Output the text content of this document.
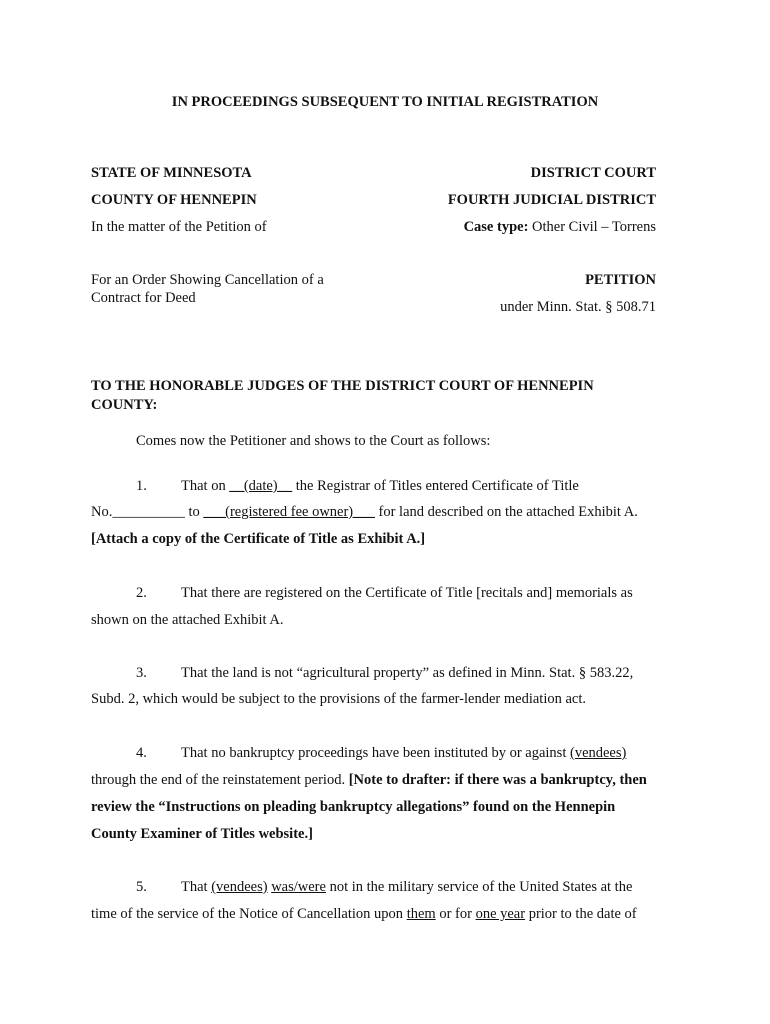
IN PROCEEDINGS SUBSEQUENT TO INITIAL REGISTRATION
STATE OF MINNESOTA
COUNTY OF HENNEPIN
In the matter of the Petition of
For an Order Showing Cancellation of a
Contract for Deed
DISTRICT COURT
FOURTH JUDICIAL DISTRICT
Case type: Other Civil – Torrens
PETITION
under Minn. Stat. § 508.71
TO THE HONORABLE JUDGES OF THE DISTRICT COURT OF HENNEPIN
COUNTY:
Comes now the Petitioner and shows to the Court as follows:
1. That on __(date)__ the Registrar of Titles entered Certificate of Title
No.__________ to ___(registered fee owner)___ for land described on the attached Exhibit A.
[Attach a copy of the Certificate of Title as Exhibit A.]
2. That there are registered on the Certificate of Title [recitals and] memorials as
shown on the attached Exhibit A.
3. That the land is not “agricultural property” as defined in Minn. Stat. § 583.22,
Subd. 2, which would be subject to the provisions of the farmer-lender mediation act.
4. That no bankruptcy proceedings have been instituted by or against (vendees)
through the end of the reinstatement period. [Note to drafter: if there was a bankruptcy, then
review the “Instructions on pleading bankruptcy allegations” found on the Hennepin
County Examiner of Titles website.]
5. That (vendees) was/were not in the military service of the United States at the
time of the service of the Notice of Cancellation upon them or for one year prior to the date of
